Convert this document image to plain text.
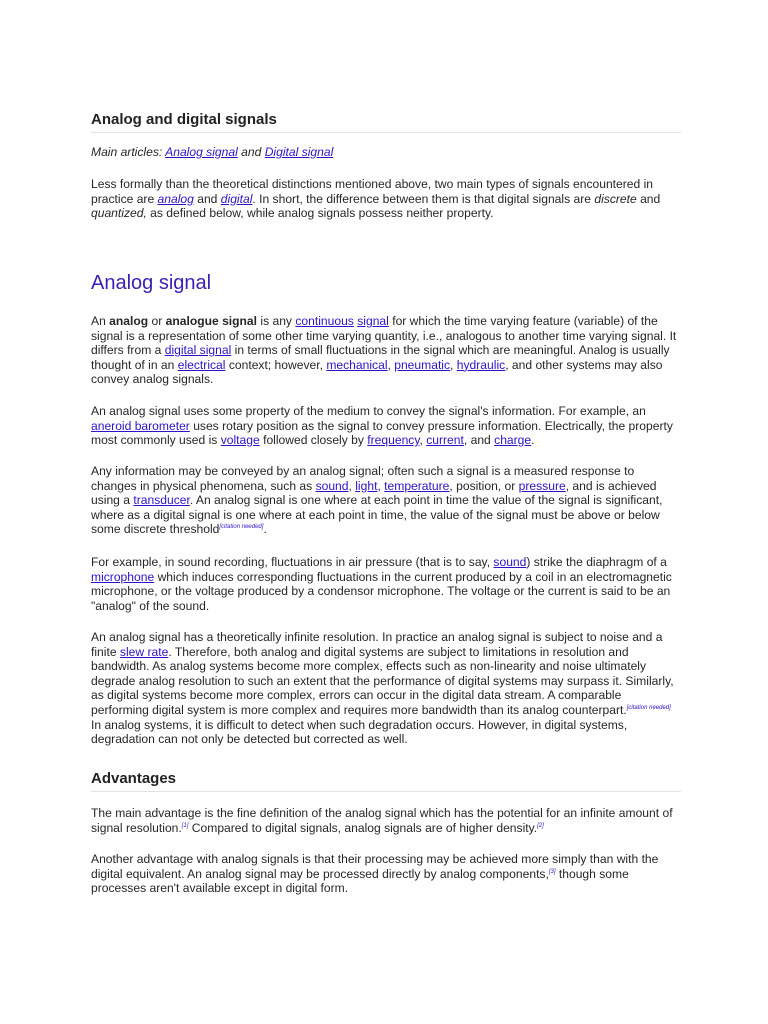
Analog and digital signals

Main articles: Analog signal and Digital signal

Less formally than the theoretical distinctions mentioned above, two main types of signals encountered in practice are analog and digital. In short, the difference between them is that digital signals are discrete and quantized, as defined below, while analog signals possess neither property.

Analog signal

An analog or analogue signal is any continuous signal for which the time varying feature (variable) of the signal is a representation of some other time varying quantity, i.e., analogous to another time varying signal. It differs from a digital signal in terms of small fluctuations in the signal which are meaningful. Analog is usually thought of in an electrical context; however, mechanical, pneumatic, hydraulic, and other systems may also convey analog signals.

An analog signal uses some property of the medium to convey the signal's information. For example, an aneroid barometer uses rotary position as the signal to convey pressure information. Electrically, the property most commonly used is voltage followed closely by frequency, current, and charge.

Any information may be conveyed by an analog signal; often such a signal is a measured response to changes in physical phenomena, such as sound, light, temperature, position, or pressure, and is achieved using a transducer. An analog signal is one where at each point in time the value of the signal is significant, where as a digital signal is one where at each point in time, the value of the signal must be above or below some discrete threshold[citation needed].

For example, in sound recording, fluctuations in air pressure (that is to say, sound) strike the diaphragm of a microphone which induces corresponding fluctuations in the current produced by a coil in an electromagnetic microphone, or the voltage produced by a condensor microphone. The voltage or the current is said to be an "analog" of the sound.

An analog signal has a theoretically infinite resolution. In practice an analog signal is subject to noise and a finite slew rate. Therefore, both analog and digital systems are subject to limitations in resolution and bandwidth. As analog systems become more complex, effects such as non-linearity and noise ultimately degrade analog resolution to such an extent that the performance of digital systems may surpass it. Similarly, as digital systems become more complex, errors can occur in the digital data stream. A comparable performing digital system is more complex and requires more bandwidth than its analog counterpart.[citation needed] In analog systems, it is difficult to detect when such degradation occurs. However, in digital systems, degradation can not only be detected but corrected as well.

Advantages

The main advantage is the fine definition of the analog signal which has the potential for an infinite amount of signal resolution.[1] Compared to digital signals, analog signals are of higher density.[2]

Another advantage with analog signals is that their processing may be achieved more simply than with the digital equivalent. An analog signal may be processed directly by analog components,[3] though some processes aren't available except in digital form.
